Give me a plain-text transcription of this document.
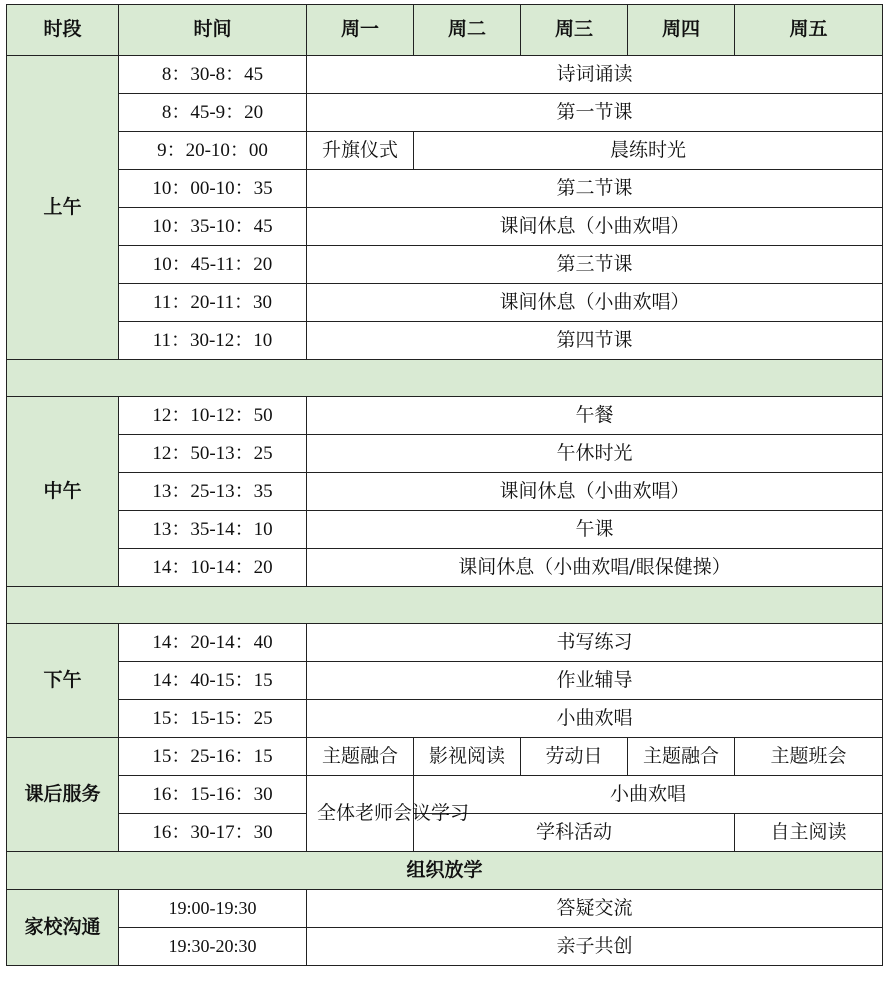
时段	时间	周一	周二	周三	周四	周五
上午	8：30-8：45	诗词诵读				
	8：45-9：20	第一节课				
	9：20-10：00	升旗仪式	晨练时光			
	10：00-10：35	第二节课				
	10：35-10：45	课间休息（小曲欢唱）				
	10：45-11：20	第三节课				
	11：20-11：30	课间休息（小曲欢唱）				
	11：30-12：10	第四节课				

中午	12：10-12：50	午餐				
	12：50-13：25	午休时光				
	13：25-13：35	课间休息（小曲欢唱）				
	13：35-14：10	午课				
	14：10-14：20	课间休息（小曲欢唱/眼保健操）				

下午	14：20-14：40	书写练习				
	14：40-15：15	作业辅导				
	15：15-15：25	小曲欢唱				
课后服务	15：25-16：15	主题融合	影视阅读	劳动日	主题融合	主题班会
	16：15-16：30	全体老师会议学习	小曲欢唱			
	16：30-17：30		学科活动			自主阅读
组织放学						
家校沟通	19:00-19:30	答疑交流				
	19:30-20:30	亲子共创				
